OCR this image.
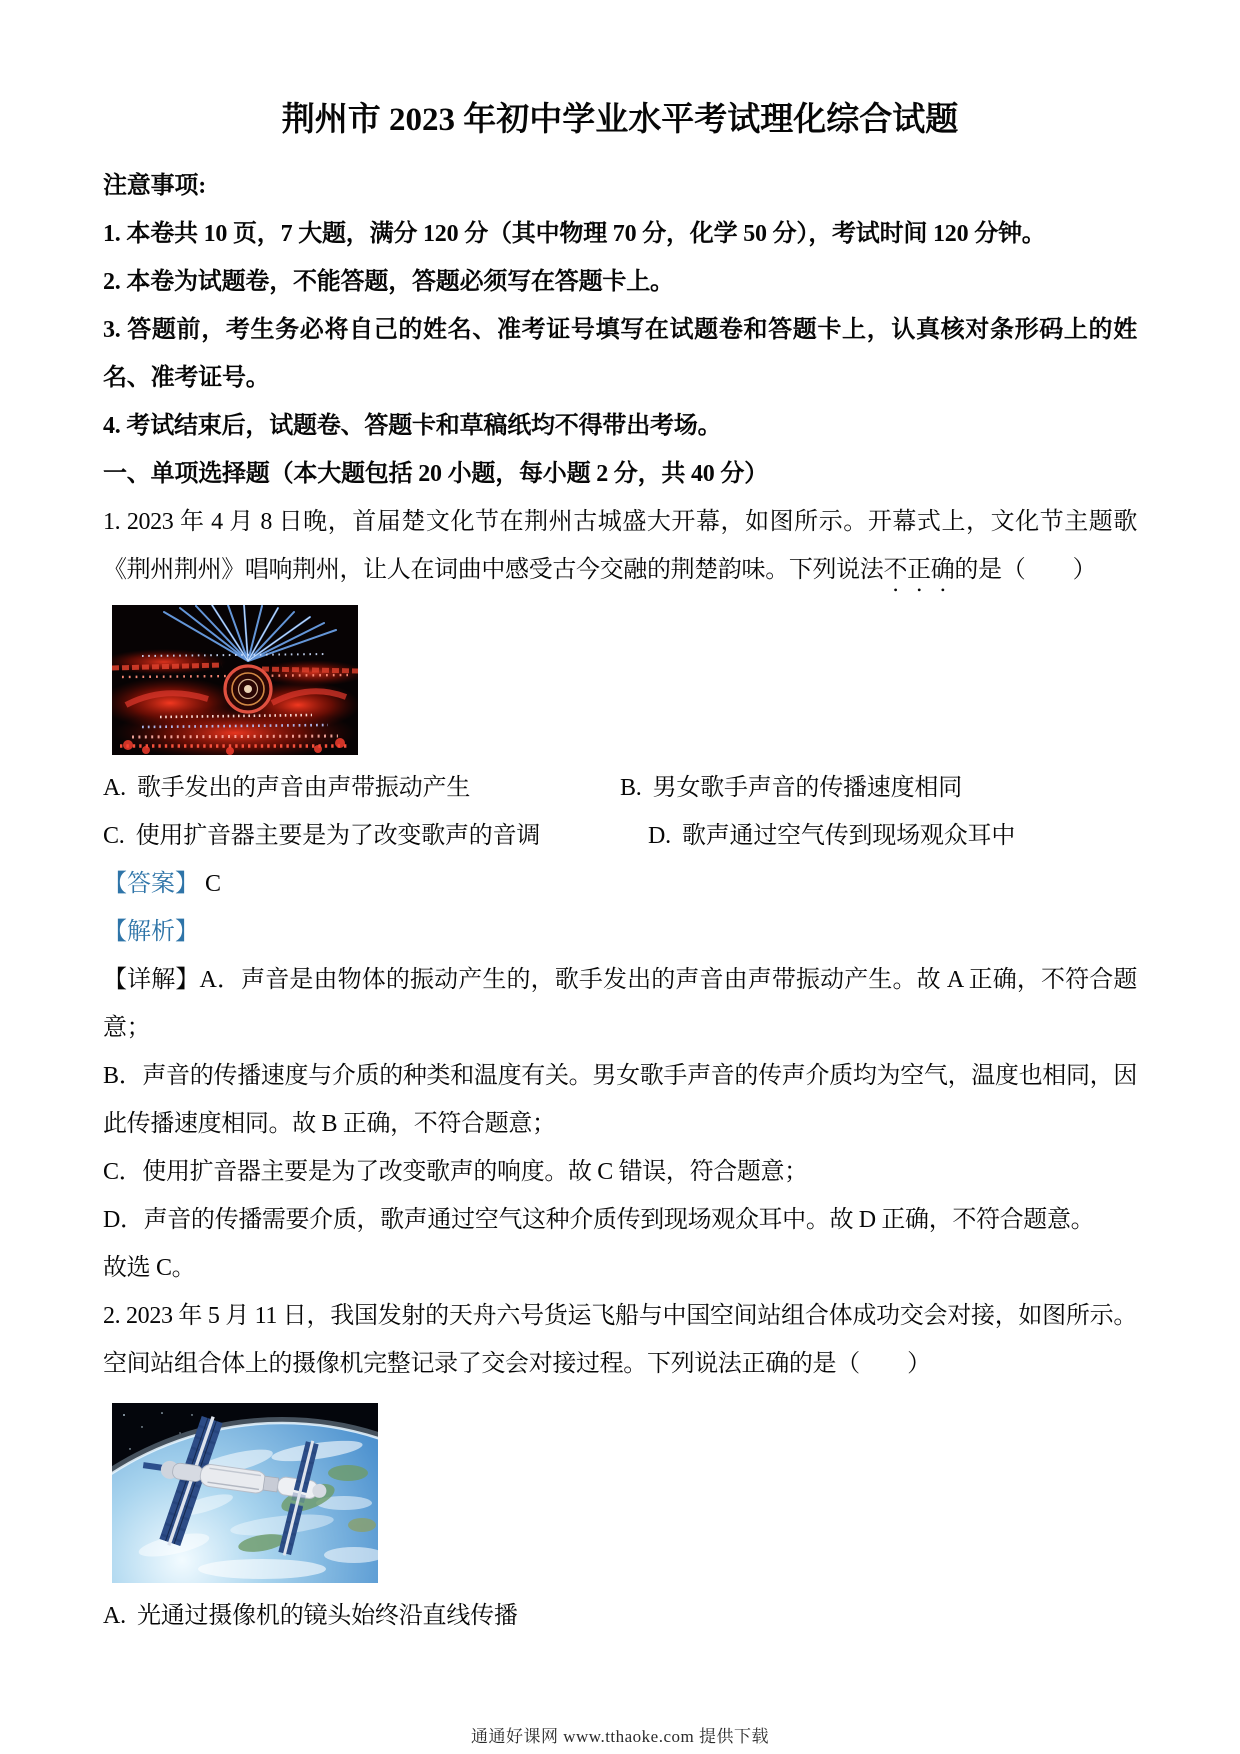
荆州市 2023 年初中学业水平考试理化综合试题

注意事项:

1. 本卷共 10 页，7 大题，满分 120 分（其中物理 70 分，化学 50 分），考试时间 120 分钟。

2. 本卷为试题卷，不能答题，答题必须写在答题卡上。

3. 答题前，考生务必将自己的姓名、准考证号填写在试题卷和答题卡上，认真核对条形码上的姓名、准考证号。

4. 考试结束后，试题卷、答题卡和草稿纸均不得带出考场。

一、单项选择题（本大题包括 20 小题，每小题 2 分，共 40 分）

1. 2023 年 4 月 8 日晚，首届楚文化节在荆州古城盛大开幕，如图所示。开幕式上，文化节主题歌《荆州荆州》唱响荆州，让人在词曲中感受古今交融的荆楚韵味。下列说法不正确的是（　　）

A. 歌手发出的声音由声带振动产生	B. 男女歌手声音的传播速度相同
C. 使用扩音器主要是为了改变歌声的音调	D. 歌声通过空气传到现场观众耳中

【答案】 C

【解析】

【详解】A．声音是由物体的振动产生的，歌手发出的声音由声带振动产生。故 A 正确，不符合题意；

B．声音的传播速度与介质的种类和温度有关。男女歌手声音的传声介质均为空气，温度也相同，因此传播速度相同。故 B 正确，不符合题意；

C．使用扩音器主要是为了改变歌声的响度。故 C 错误，符合题意；

D．声音的传播需要介质，歌声通过空气这种介质传到现场观众耳中。故 D 正确，不符合题意。

故选 C。

2. 2023 年 5 月 11 日，我国发射的天舟六号货运飞船与中国空间站组合体成功交会对接，如图所示。空间站组合体上的摄像机完整记录了交会对接过程。下列说法正确的是（　　）

A. 光通过摄像机的镜头始终沿直线传播

通通好课网 www.tthaoke.com 提供下载
